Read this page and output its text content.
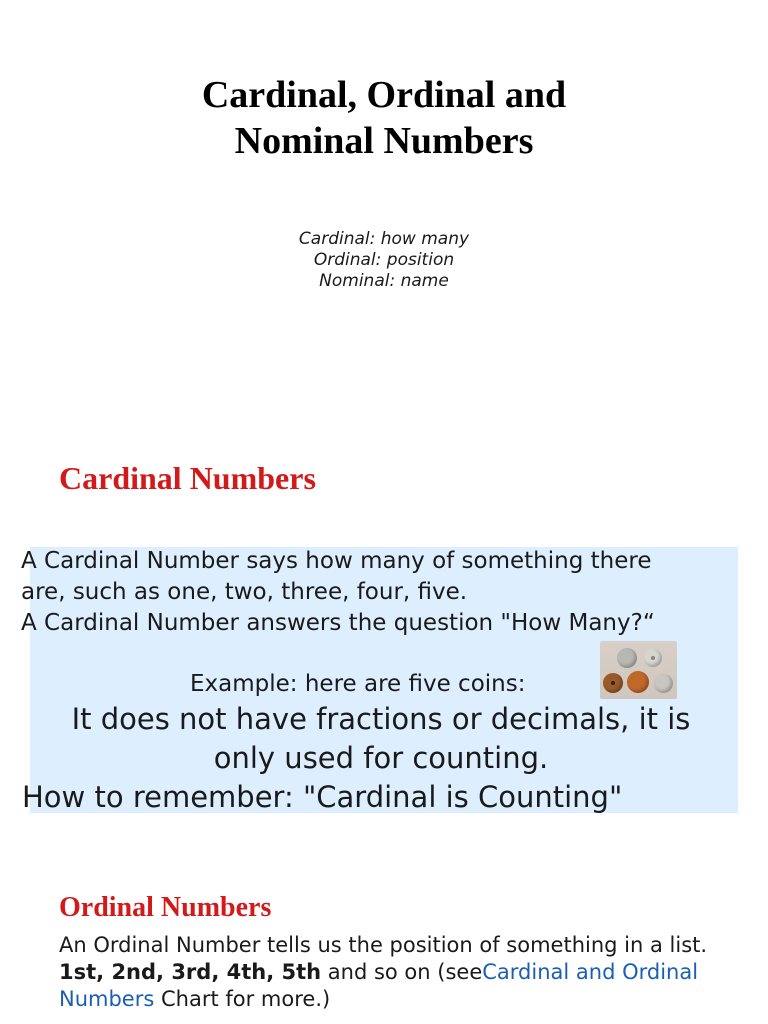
Cardinal, Ordinal and
Nominal Numbers
Cardinal: how many
Ordinal: position
Nominal: name
Cardinal Numbers
A Cardinal Number says how many of something there
are, such as one, two, three, four, five.
A Cardinal Number answers the question "How Many?“
Example: here are five coins:
It does not have fractions or decimals, it is
only used for counting.
How to remember: "Cardinal is Counting"
Ordinal Numbers
An Ordinal Number tells us the position of something in a list.
1st, 2nd, 3rd, 4th, 5th and so on (seeCardinal and Ordinal Numbers Chart for more.)
